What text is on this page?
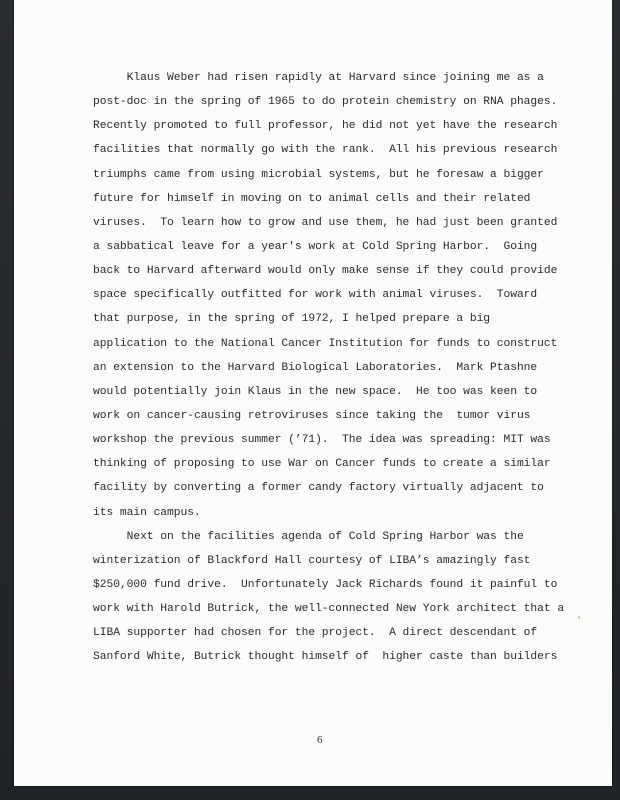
Klaus Weber had risen rapidly at Harvard since joining me as a
post-doc in the spring of 1965 to do protein chemistry on RNA phages.
Recently promoted to full professor, he did not yet have the research
facilities that normally go with the rank.  All his previous research
triumphs came from using microbial systems, but he foresaw a bigger
future for himself in moving on to animal cells and their related
viruses.  To learn how to grow and use them, he had just been granted
a sabbatical leave for a year's work at Cold Spring Harbor.  Going
back to Harvard afterward would only make sense if they could provide
space specifically outfitted for work with animal viruses.  Toward
that purpose, in the spring of 1972, I helped prepare a big
application to the National Cancer Institution for funds to construct
an extension to the Harvard Biological Laboratories.  Mark Ptashne
would potentially join Klaus in the new space.  He too was keen to
work on cancer-causing retroviruses since taking the  tumor virus
workshop the previous summer (’71).  The idea was spreading: MIT was
thinking of proposing to use War on Cancer funds to create a similar
facility by converting a former candy factory virtually adjacent to
its main campus.
Next on the facilities agenda of Cold Spring Harbor was the
winterization of Blackford Hall courtesy of LIBA’s amazingly fast
$250,000 fund drive.  Unfortunately Jack Richards found it painful to
work with Harold Butrick, the well-connected New York architect that a
LIBA supporter had chosen for the project.  A direct descendant of
Sanford White, Butrick thought himself of  higher caste than builders
6
